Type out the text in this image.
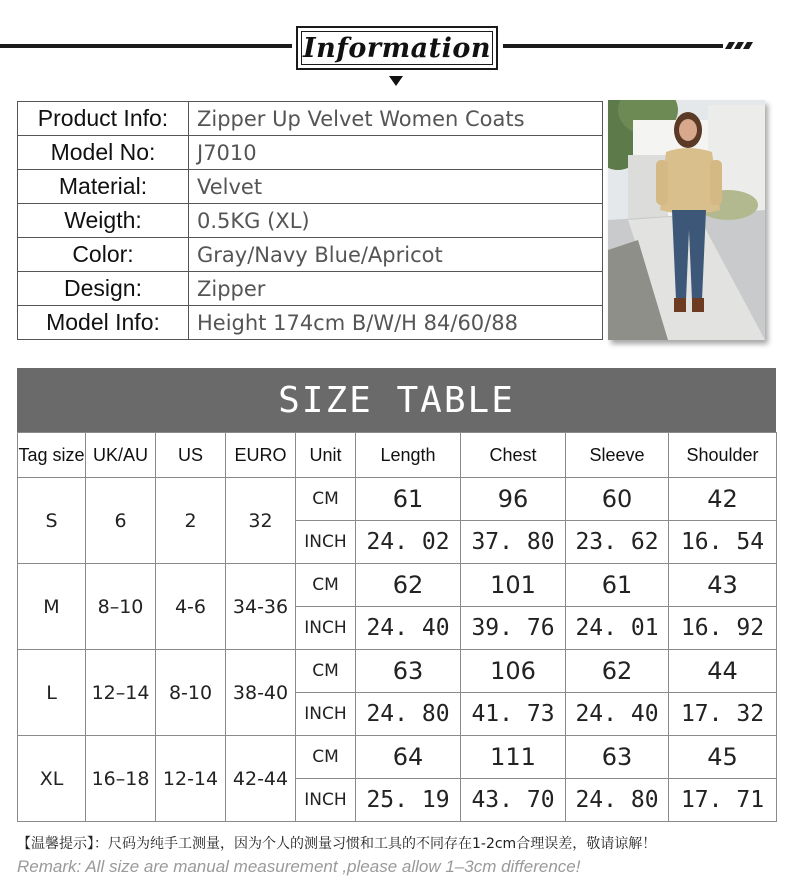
Information
Product Info:	Zipper Up Velvet Women Coats
Model No:	J7010
Material:	Velvet
Weigth:	0.5KG (XL)
Color:	Gray/Navy Blue/Apricot
Design:	Zipper
Model Info:	Height 174cm B/W/H 84/60/88
SIZE TABLE
Tag size	UK/AU	US	EURO	Unit	Length	Chest	Sleeve	Shoulder
S	6	2	32	CM	61	96	60	42
				INCH	24. 02	37. 80	23. 62	16. 54
M	8–10	4-6	34-36	CM	62	101	61	43
				INCH	24. 40	39. 76	24. 01	16. 92
L	12–14	8-10	38-40	CM	63	106	62	44
				INCH	24. 80	41. 73	24. 40	17. 32
XL	16–18	12-14	42-44	CM	64	111	63	45
				INCH	25. 19	43. 70	24. 80	17. 71
【温馨提示】：尺码为纯手工测量，因为个人的测量习惯和工具的不同存在1-2cm合理误差，敬请谅解！
Remark: All size are manual measurement ,please allow 1–3cm difference!
